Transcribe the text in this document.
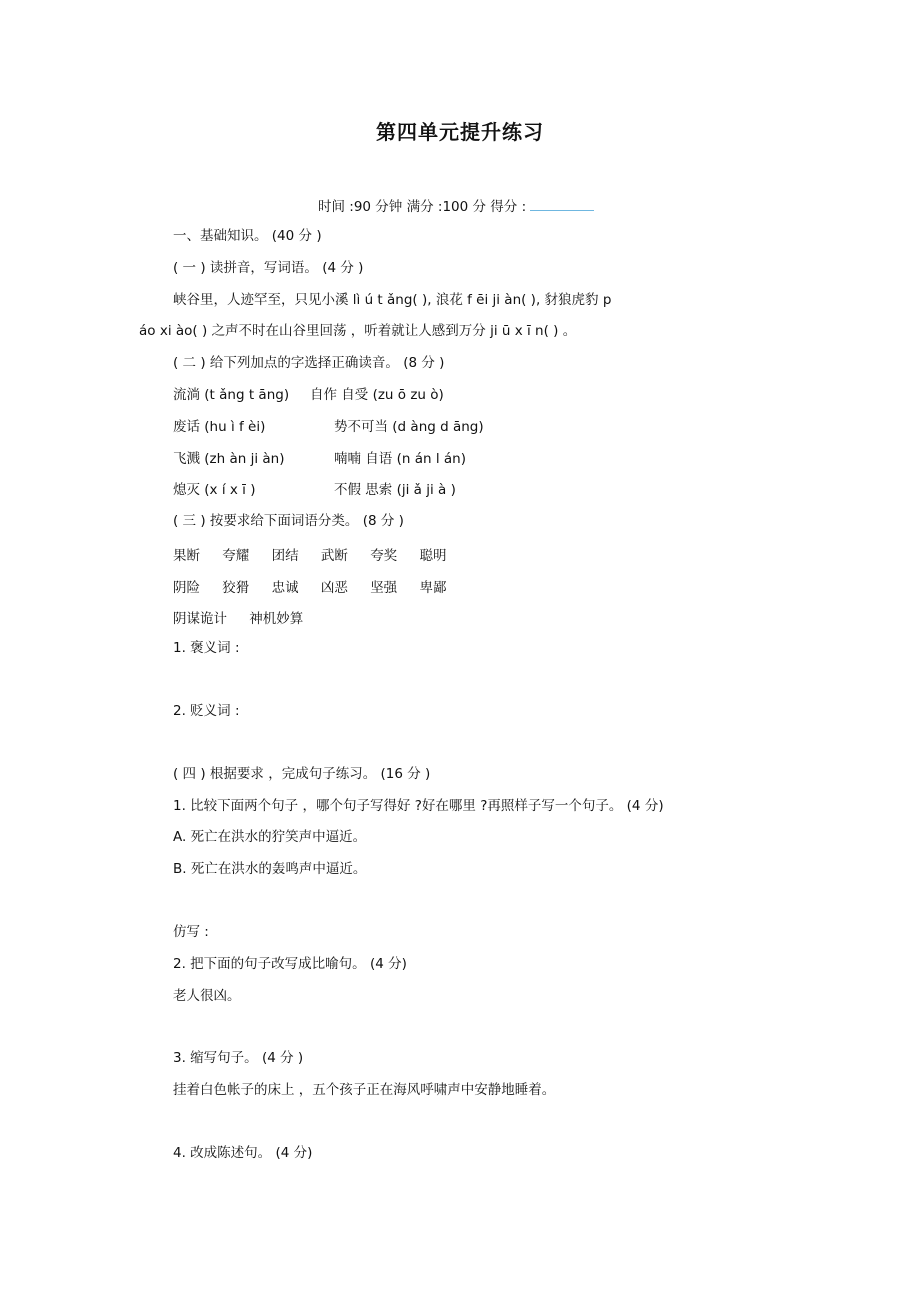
第四单元提升练习
时间 :90 分钟 满分 :100 分 得分 :
一、基础知识。 (40 分 )
( 一 ) 读拼音，写词语。 (4 分 )
峡谷里，人迹罕至，只见小溪 lì ú t ǎng( ), 浪花 f ēi ji àn( ), 豺狼虎豹 p
áo xi ào( ) 之声不时在山谷里回荡 ，听着就让人感到万分 ji ū x ī n( ) 。
( 二 ) 给下列加点的字选择正确读音。 (8 分 )
流淌 (t ǎng t āng) 自作 自受 (zu ō zu ò)
废话 (hu ì f èi)	势不可当 (d àng d āng)
飞溅 (zh àn ji àn)	喃喃 自语 (n án l án)
熄灭 (x í x ī )	不假 思索 (ji ǎ ji à )
( 三 ) 按要求给下面词语分类。 (8 分 )
果断 夸耀 团结 武断 夸奖 聪明
阴险 狡猾 忠诚 凶恶 坚强 卑鄙
阴谋诡计 神机妙算
1. 褒义词 :
2. 贬义词 :
( 四 ) 根据要求 ，完成句子练习。 (16 分 )
1. 比较下面两个句子 ，哪个句子写得好 ?好在哪里 ?再照样子写一个句子。 (4 分)
A. 死亡在洪水的狞笑声中逼近。
B. 死亡在洪水的轰鸣声中逼近。
仿写 :
2. 把下面的句子改写成比喻句。 (4 分)
老人很凶。
3. 缩写句子。 (4 分 )
挂着白色帐子的床上 ，五个孩子正在海风呼啸声中安静地睡着。
4. 改成陈述句。 (4 分)
